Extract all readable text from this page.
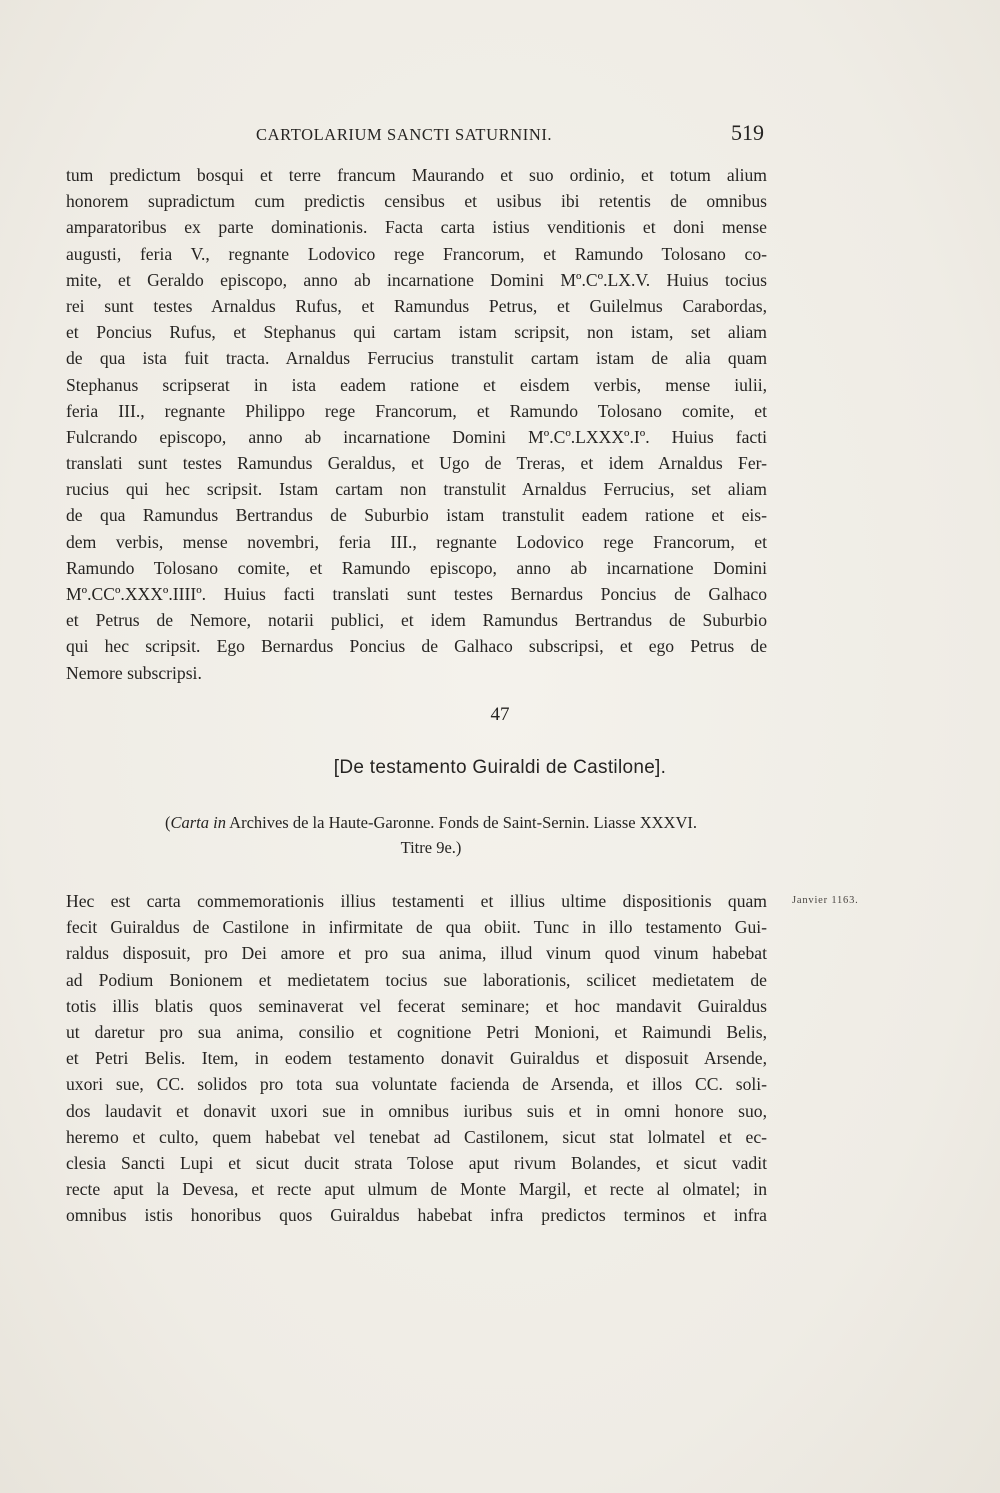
CARTOLARIUM SANCTI SATURNINI.	519
tum predictum bosqui et terre francum Maurando et suo ordinio, et totum alium
honorem supradictum cum predictis censibus et usibus ibi retentis de omnibus
amparatoribus ex parte dominationis. Facta carta istius venditionis et doni mense
augusti, feria V., regnante Lodovico rege Francorum, et Ramundo Tolosano co-
mite, et Geraldo episcopo, anno ab incarnatione Domini Mº.Cº.LX.V. Huius tocius
rei sunt testes Arnaldus Rufus, et Ramundus Petrus, et Guilelmus Carabordas,
et Poncius Rufus, et Stephanus qui cartam istam scripsit, non istam, set aliam
de qua ista fuit tracta. Arnaldus Ferrucius transtulit cartam istam de alia quam
Stephanus scripserat in ista eadem ratione et eisdem verbis, mense iulii,
feria III., regnante Philippo rege Francorum, et Ramundo Tolosano comite, et
Fulcrando episcopo, anno ab incarnatione Domini Mº.Cº.LXXXº.Iº. Huius facti
translati sunt testes Ramundus Geraldus, et Ugo de Treras, et idem Arnaldus Fer-
rucius qui hec scripsit. Istam cartam non transtulit Arnaldus Ferrucius, set aliam
de qua Ramundus Bertrandus de Suburbio istam transtulit eadem ratione et eis-
dem verbis, mense novembri, feria III., regnante Lodovico rege Francorum, et
Ramundo Tolosano comite, et Ramundo episcopo, anno ab incarnatione Domini
Mº.CCº.XXXº.IIIIº. Huius facti translati sunt testes Bernardus Poncius de Galhaco
et Petrus de Nemore, notarii publici, et idem Ramundus Bertrandus de Suburbio
qui hec scripsit. Ego Bernardus Poncius de Galhaco subscripsi, et ego Petrus de
Nemore subscripsi.
47
[De testamento Guiraldi de Castilone].
(Carta in Archives de la Haute-Garonne. Fonds de Saint-Sernin. Liasse XXXVI.
Titre 9e.)
Janvier 1163.
Hec est carta commemorationis illius testamenti et illius ultime dispositionis quam
fecit Guiraldus de Castilone in infirmitate de qua obiit. Tunc in illo testamento Gui-
raldus disposuit, pro Dei amore et pro sua anima, illud vinum quod vinum habebat
ad Podium Bonionem et medietatem tocius sue laborationis, scilicet medietatem de
totis illis blatis quos seminaverat vel fecerat seminare; et hoc mandavit Guiraldus
ut daretur pro sua anima, consilio et cognitione Petri Monioni, et Raimundi Belis,
et Petri Belis. Item, in eodem testamento donavit Guiraldus et disposuit Arsende,
uxori sue, CC. solidos pro tota sua voluntate facienda de Arsenda, et illos CC. soli-
dos laudavit et donavit uxori sue in omnibus iuribus suis et in omni honore suo,
heremo et culto, quem habebat vel tenebat ad Castilonem, sicut stat lolmatel et ec-
clesia Sancti Lupi et sicut ducit strata Tolose aput rivum Bolandes, et sicut vadit
recte aput la Devesa, et recte aput ulmum de Monte Margil, et recte al olmatel; in
omnibus istis honoribus quos Guiraldus habebat infra predictos terminos et infra
